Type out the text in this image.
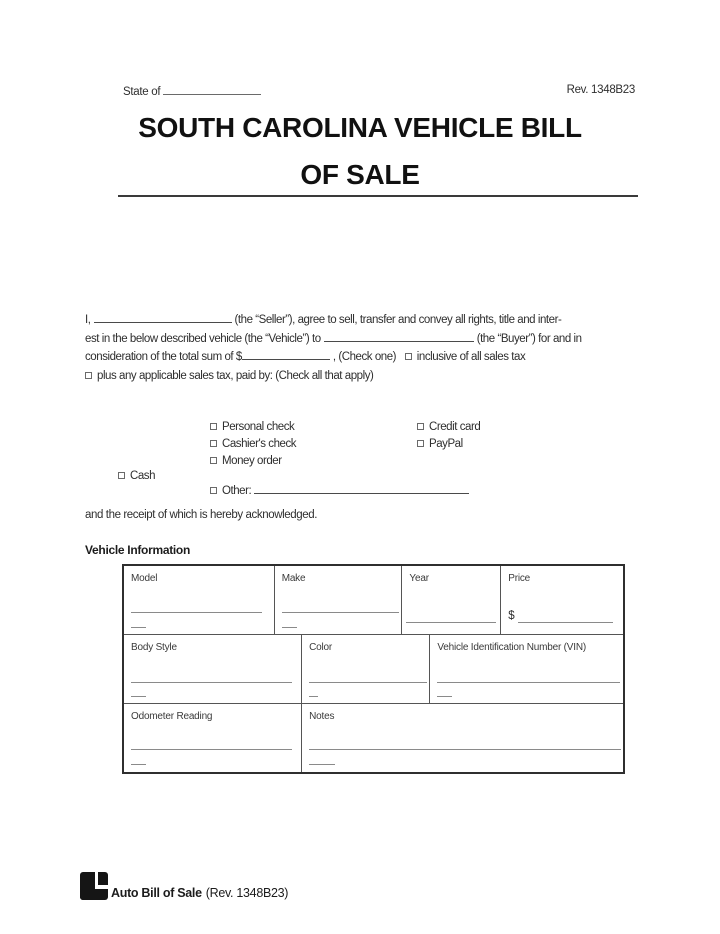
State of	Rev. 1348B23
SOUTH CAROLINA VEHICLE BILL
OF SALE
I,	(the “Seller”), agree to sell, transfer and convey all rights, title and inter-
est in the below described vehicle (the “Vehicle”) to	(the “Buyer”) for and in
consideration of the total sum of $	, (Check one) inclusive of all sales tax
plus any applicable sales tax, paid by: (Check all that apply)
Cash
Personal check
Cashier's check
Money order
Credit card
PayPal
Other:
and the receipt of which is hereby acknowledged.
Vehicle Information
Model	Make	Year	Price
$
Body Style	Color	Vehicle Identification Number (VIN)
Odometer Reading	Notes
Auto Bill of Sale (Rev. 1348B23)
